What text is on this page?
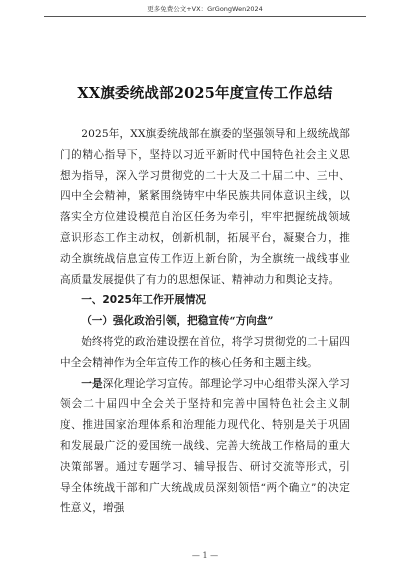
更多免费公文+VX：GrGongWen2024
XX旗委统战部2025年度宣传工作总结

2025年，XX旗委统战部在旗委的坚强领导和上级统战部门的精心指导下，坚持以习近平新时代中国特色社会主义思想为指导，深入学习贯彻党的二十大及二十届二中、三中、四中全会精神，紧紧围绕铸牢中华民族共同体意识主线，以落实全方位建设模范自治区任务为牵引，牢牢把握统战领域意识形态工作主动权，创新机制，拓展平台，凝聚合力，推动全旗统战信息宣传工作迈上新台阶，为全旗统一战线事业高质量发展提供了有力的思想保证、精神动力和舆论支持。

一、2025年工作开展情况

（一）强化政治引领，把稳宣传“方向盘”

始终将党的政治建设摆在首位，将学习贯彻党的二十届四中全会精神作为全年宣传工作的核心任务和主题主线。

一是深化理论学习宣传。部理论学习中心组带头深入学习领会二十届四中全会关于坚持和完善中国特色社会主义制度、推进国家治理体系和治理能力现代化、特别是关于巩固和发展最广泛的爱国统一战线、完善大统战工作格局的重大决策部署。通过专题学习、辅导报告、研讨交流等形式，引导全体统战干部和广大统战成员深刻领悟“两个确立”的决定性意义，增强

— 1 —
